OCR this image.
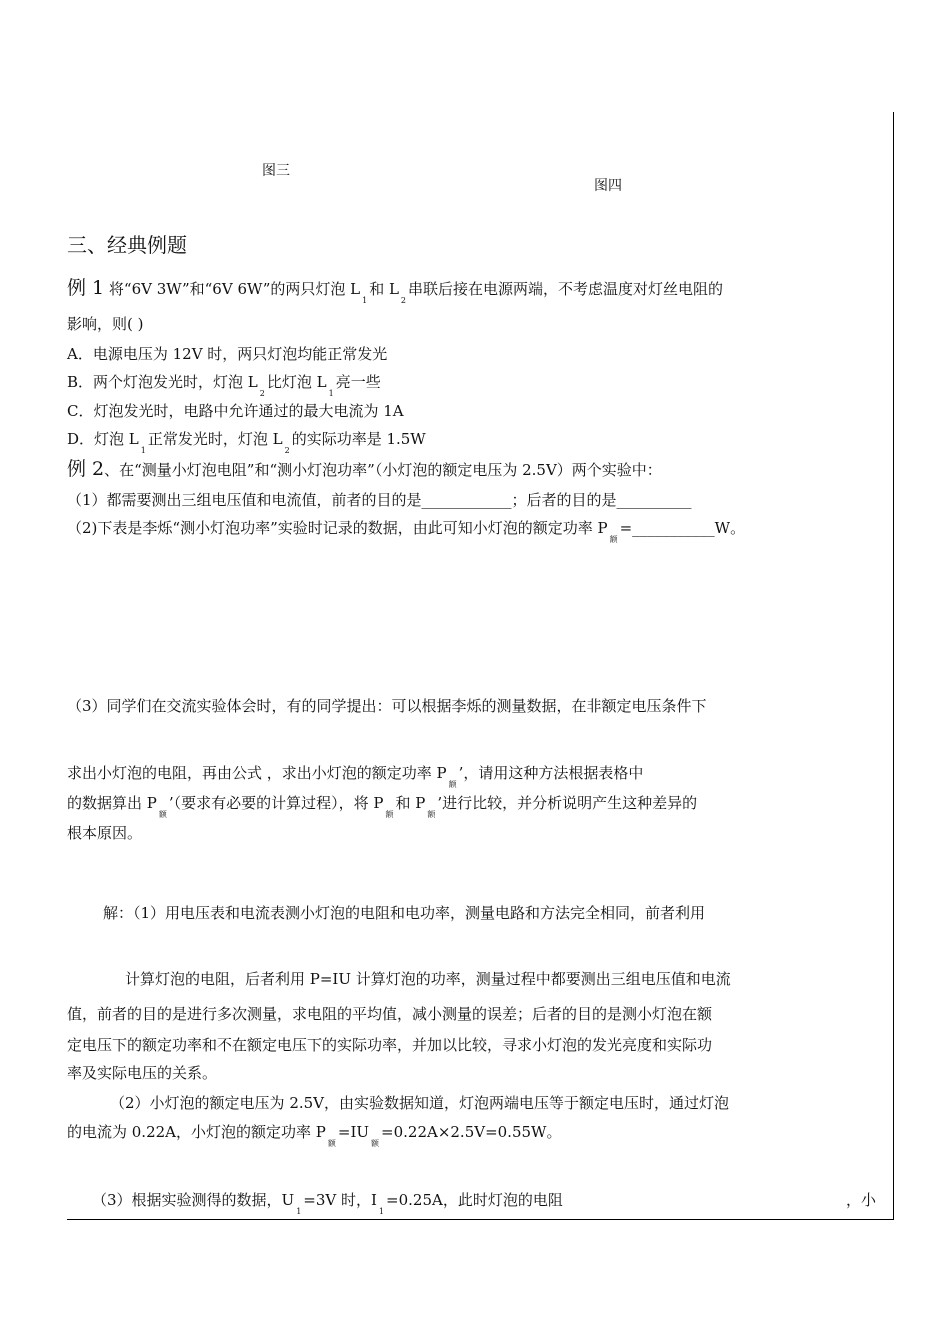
图三
图四
三、经典例题
例 1 将“6V 3W”和“6V 6W”的两只灯泡 $L_1$和 $L_2$串联后接在电源两端，不考虑温度对灯丝电阻的
影响，则( )
A．电源电压为 12V 时，两只灯泡均能正常发光
B．两个灯泡发光时，灯泡 $L_2$比灯泡 $L_1$亮一些
C．灯泡发光时，电路中允许通过的最大电流为 1A
D．灯泡 $L_1$正常发光时，灯泡 $L_2$的实际功率是 1.5W
例 2、在“测量小灯泡电阻”和“测小灯泡功率”（小灯泡的额定电压为 2.5V）两个实验中：
（1）都需要测出三组电压值和电流值，前者的目的是____________；后者的目的是__________
（2)下表是李烁“测小灯泡功率”实验时记录的数据，由此可知小灯泡的额定功率 $P_额=\_\_\_\_\_\_\_\_\_\_\_W$。
（3）同学们在交流实验体会时，有的同学提出：可以根据李烁的测量数据，在非额定电压条件下
求出小灯泡的电阻，再由公式 ，求出小灯泡的额定功率 $P_额$’，请用这种方法根据表格中
的数据算出 $P_额$’（要求有必要的计算过程），将 $P_额$和 $P_额$’进行比较，并分析说明产生这种差异的
根本原因。
解：（1）用电压表和电流表测小灯泡的电阻和电功率，测量电路和方法完全相同，前者利用
计算灯泡的电阻，后者利用 P=IU 计算灯泡的功率，测量过程中都要测出三组电压值和电流
值，前者的目的是进行多次测量，求电阻的平均值，减小测量的误差；后者的目的是测小灯泡在额
定电压下的额定功率和不在额定电压下的实际功率，并加以比较，寻求小灯泡的发光亮度和实际功
率及实际电压的关系。
（2）小灯泡的额定电压为 2.5V，由实验数据知道，灯泡两端电压等于额定电压时，通过灯泡
的电流为 0.22A，小灯泡的额定功率 $P_额=IU_额=0.22A\times 2.5V=0.55W$。
（3）根据实验测得的数据，$U_1=3V$ 时，$I_1=0.25A$，此时灯泡的电阻	，小
